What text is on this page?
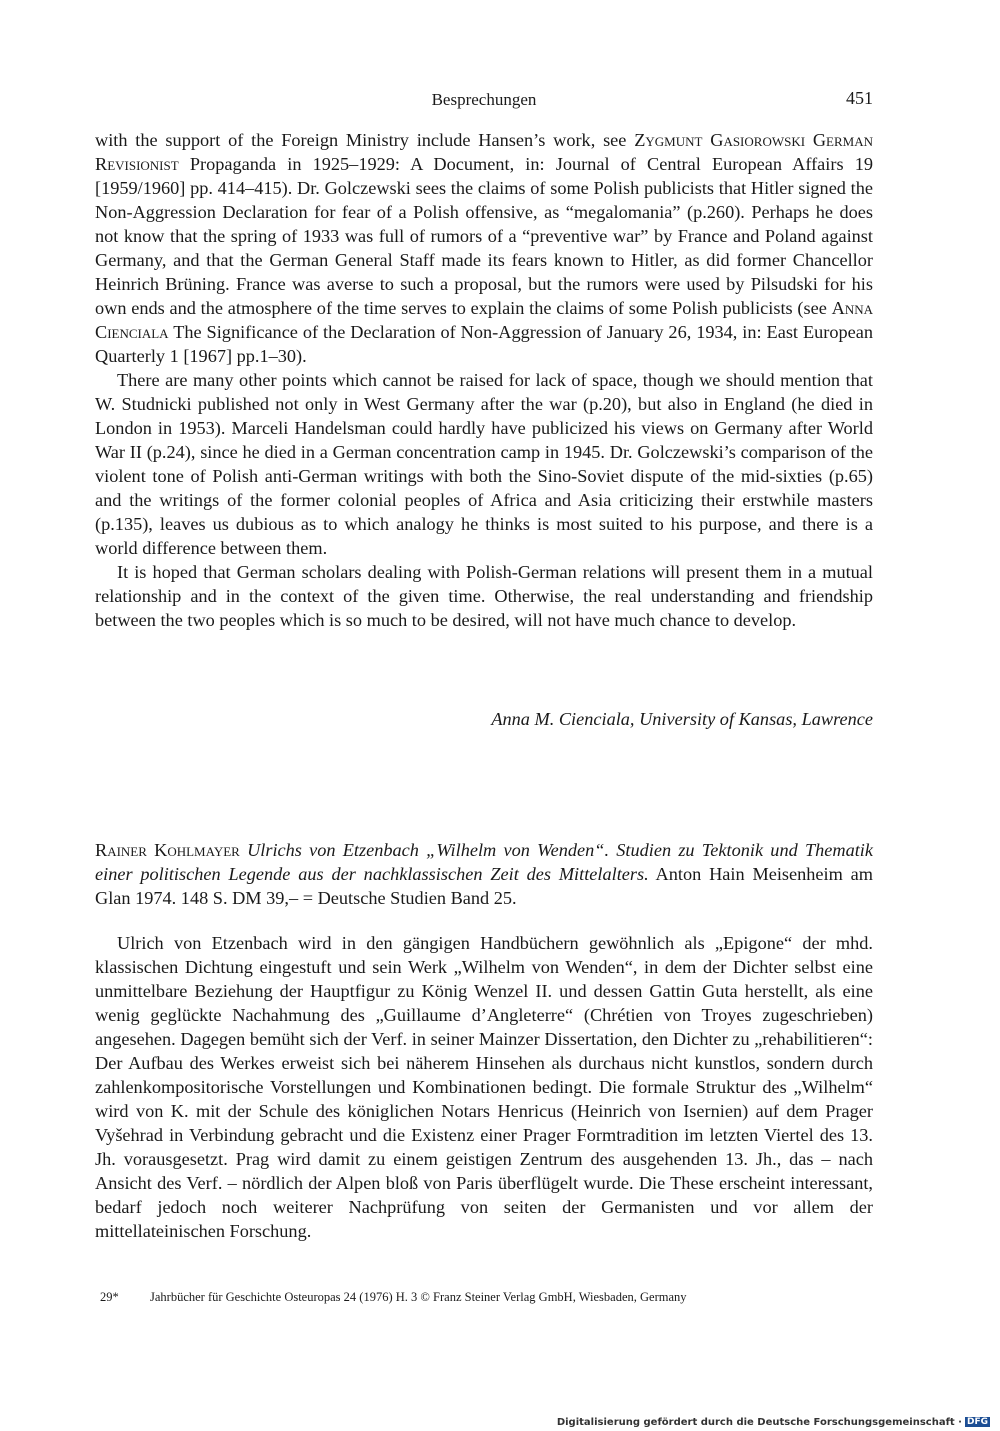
Besprechungen	451

with the support of the Foreign Ministry include Hansen’s work, see Zygmunt Gasiorowski German Revisionist Propaganda in 1925–1929: A Document, in: Journal of Central European Affairs 19 [1959/1960] pp. 414–415). Dr. Golczewski sees the claims of some Polish publicists that Hitler signed the Non-Aggression Declaration for fear of a Polish offensive, as “megalomania” (p.260). Perhaps he does not know that the spring of 1933 was full of rumors of a “preventive war” by France and Poland against Germany, and that the German General Staff made its fears known to Hitler, as did former Chancellor Heinrich Brüning. France was averse to such a proposal, but the rumors were used by Pilsudski for his own ends and the atmosphere of the time serves to explain the claims of some Polish publicists (see Anna Cienciala The Significance of the Declaration of Non-Aggression of January 26, 1934, in: East European Quarterly 1 [1967] pp.1–30).

There are many other points which cannot be raised for lack of space, though we should mention that W. Studnicki published not only in West Germany after the war (p.20), but also in England (he died in London in 1953). Marceli Handelsman could hardly have publicized his views on Germany after World War II (p.24), since he died in a German concentration camp in 1945. Dr. Golczewski’s comparison of the violent tone of Polish anti-German writings with both the Sino-Soviet dispute of the mid-sixties (p.65) and the writings of the former colonial peoples of Africa and Asia criticizing their erstwhile masters (p.135), leaves us dubious as to which analogy he thinks is most suited to his purpose, and there is a world difference between them.

It is hoped that German scholars dealing with Polish-German relations will present them in a mutual relationship and in the context of the given time. Otherwise, the real understanding and friendship between the two peoples which is so much to be desired, will not have much chance to develop.

Anna M. Cienciala, University of Kansas, Lawrence

Rainer Kohlmayer Ulrichs von Etzenbach „Wilhelm von Wenden“. Studien zu Tektonik und Thematik einer politischen Legende aus der nachklassischen Zeit des Mittelalters. Anton Hain Meisenheim am Glan 1974. 148 S. DM 39,– = Deutsche Studien Band 25.

Ulrich von Etzenbach wird in den gängigen Handbüchern gewöhnlich als „Epigone“ der mhd. klassischen Dichtung eingestuft und sein Werk „Wilhelm von Wenden“, in dem der Dichter selbst eine unmittelbare Beziehung der Hauptfigur zu König Wenzel II. und dessen Gattin Guta herstellt, als eine wenig geglückte Nachahmung des „Guillaume d’Angleterre“ (Chrétien von Troyes zugeschrieben) angesehen. Dagegen bemüht sich der Verf. in seiner Mainzer Dissertation, den Dichter zu „rehabilitieren“: Der Aufbau des Werkes erweist sich bei näherem Hinsehen als durchaus nicht kunstlos, sondern durch zahlenkompositorische Vorstellungen und Kombinationen bedingt. Die formale Struktur des „Wilhelm“ wird von K. mit der Schule des königlichen Notars Henricus (Heinrich von Isernien) auf dem Prager Vyšehrad in Verbindung gebracht und die Existenz einer Prager Formtradition im letzten Viertel des 13. Jh. vorausgesetzt. Prag wird damit zu einem geistigen Zentrum des ausgehenden 13. Jh., das – nach Ansicht des Verf. – nördlich der Alpen bloß von Paris überflügelt wurde. Die These erscheint interessant, bedarf jedoch noch weiterer Nachprüfung von seiten der Germanisten und vor allem der mittellateinischen Forschung.

29*	Jahrbücher für Geschichte Osteuropas 24 (1976) H. 3 © Franz Steiner Verlag GmbH, Wiesbaden, Germany
Digitalisierung gefördert durch die Deutsche Forschungsgemeinschaft · DFG
